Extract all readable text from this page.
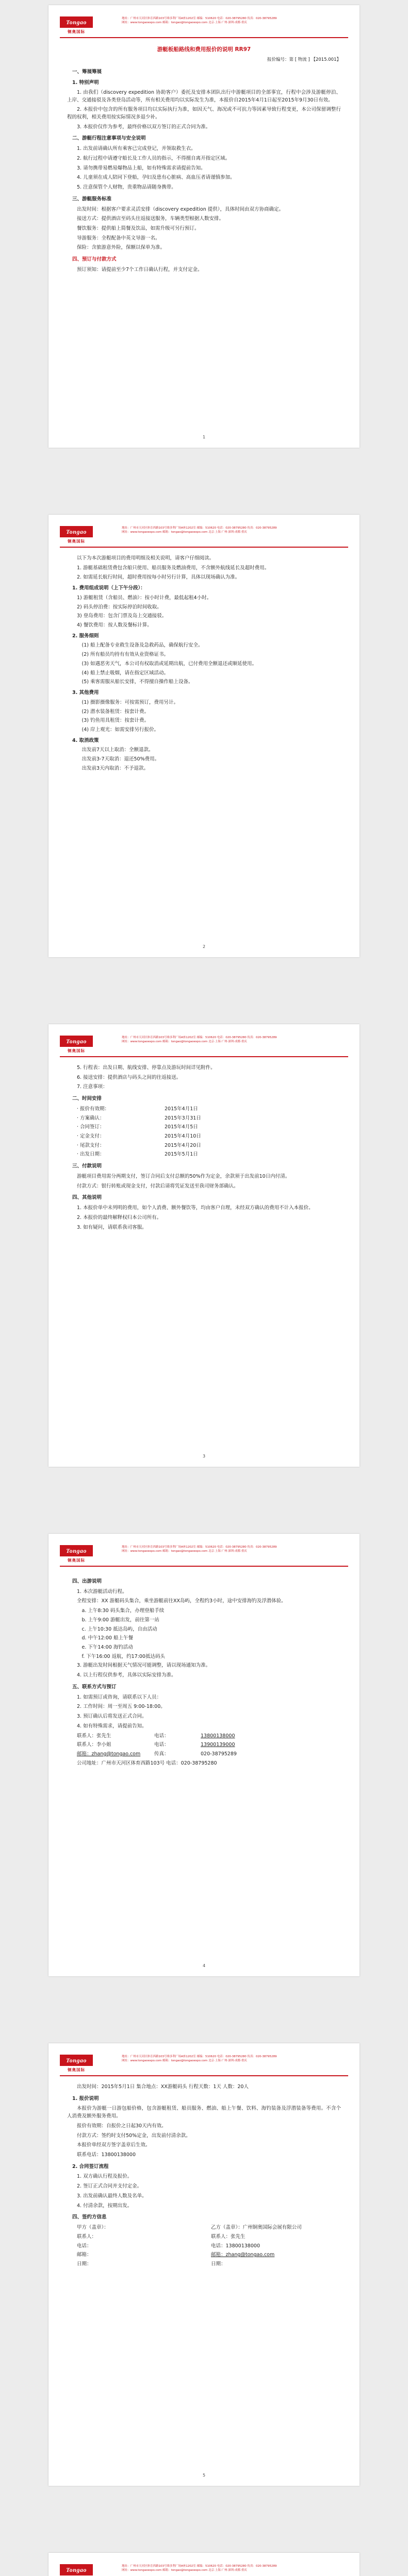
Tongao
铜奥国际
地址：广州市天河区体育西路103号维多利广场A座1202室 邮编：510620 电话：020-38795280 传真：020-38795289
网址：www.tongaoexpo.com 邮箱：tongao@tongaoexpo.com 北京·上海·广州·深圳·成都·重庆
游艇板船路线和费用报价的说明 RR97
报价编号：第 [ 物流 ] 【2015.001】
一、筹展筹展
1. 特别声明

1. 由我们（discovery expedition 协助客户）委托及安排本团队出行中游艇项目的全部事宜，行程中会涉及游艇停泊、上岸、交通接驳及各类登岛活动等，所有相关费用均以实际发生为准，本报价自2015年4月1日起至2015年9月30日有效。

2. 本报价中包含的所有服务项目均以实际执行为准，如因天气、海况或不可抗力等因素导致行程变更，本公司保留调整行程的权利，相关费用按实际情况多退少补。

3. 本报价仅作为参考，最终价格以双方签订的正式合同为准。

二、游艇行程注意事项与安全说明

1. 出发前请确认所有乘客已完成登记，并领取救生衣。

2. 航行过程中请遵守船长及工作人员的指示，不得擅自离开指定区域。

3. 请勿携带易燃易爆物品上船，如有特殊需求请提前告知。

4. 儿童须在成人陪同下登船，孕妇及患有心脏病、高血压者请谨慎参加。

5. 注意保管个人财物，贵重物品请随身携带。

三、游艇服务标准

出发时间：根据客户要求灵活安排（discovery expedition 提供），具体时间由双方协商确定。

接送方式：提供酒店至码头往返接送服务，车辆类型根据人数安排。

餐饮服务：提供船上简餐及饮品，如需升级可另行预订。

导游服务：全程配备中英文导游一名。

保险：含旅游意外险，保额以保单为准。

四、预订与付款方式

预订须知：请提前至少7个工作日确认行程，并支付定金。

1
Tongao
铜奥国际
地址：广州市天河区体育西路103号维多利广场A座1202室 邮编：510620 电话：020-38795280 传真：020-38795289
网址：www.tongaoexpo.com 邮箱：tongao@tongaoexpo.com 北京·上海·广州·深圳·成都·重庆

以下为本次游艇项目的费用明细及相关说明，请客户仔细阅读。

1. 游艇基础租赁费包含船只使用、船员服务及燃油费用，不含额外航线延长及超时费用。

2. 如需延长航行时间，超时费用按每小时另行计算，具体以现场确认为准。

1. 费用组成说明（上下午分段）：

1) 游艇租赁（含船员、燃油）：按小时计费，最低起租4小时。

2) 码头停泊费：按实际停泊时间收取。

3) 登岛费用：包含门票及岛上交通接驳。

4) 餐饮费用：按人数及餐标计算。

2. 服务细则

(1) 船上配备专业救生设备及急救药品，确保航行安全。

(2) 所有船员均持有有效从业资格证书。

(3) 如遇恶劣天气，本公司有权取消或延期出航，已付费用全额退还或顺延使用。

(4) 船上禁止吸烟，请在指定区域活动。

(5) 乘客需服从船长安排，不得擅自操作船上设备。

3. 其他费用

(1) 摄影摄像服务：可按需预订，费用另计。

(2) 潜水装备租赁：按套计费。

(3) 钓鱼用具租赁：按套计费。

(4) 岸上观光：如需安排另行报价。

4. 取消政策

出发前7天以上取消：全额退款。

出发前3-7天取消：退还50%费用。

出发前3天内取消：不予退款。

2
Tongao
铜奥国际
地址：广州市天河区体育西路103号维多利广场A座1202室 邮编：510620 电话：020-38795280 传真：020-38795289
网址：www.tongaoexpo.com 邮箱：tongao@tongaoexpo.com 北京·上海·广州·深圳·成都·重庆

5. 行程表：出发日期、航线安排、停靠点及游玩时间详见附件。

6. 接送安排：提供酒店与码头之间的往返接送。

7. 注意事项：

二、时间安排
· 报价有效期：	2015年4月1日
· 方案确认：	2015年3月31日
· 合同签订：	2015年4月5日
· 定金支付：	2015年4月10日
· 尾款支付：	2015年4月20日
· 出发日期：	2015年5月1日
三、付款说明

游艇项目费用需分两期支付，签订合同后支付总额的50%作为定金，余款须于出发前10日内付清。

付款方式：银行转账或现金支付，付款后请将凭证发送至我司财务部确认。

四、其他说明

1. 本报价单中未列明的费用，如个人消费、额外餐饮等，均由客户自理，未经双方确认的费用不计入本报价。

2. 本报价的最终解释权归本公司所有。

3. 如有疑问，请联系我司客服。

3
Tongao
铜奥国际
地址：广州市天河区体育西路103号维多利广场A座1202室 邮编：510620 电话：020-38795280 传真：020-38795289
网址：www.tongaoexpo.com 邮箱：tongao@tongaoexpo.com 北京·上海·广州·深圳·成都·重庆
四、出游说明

1. 本次游艇活动行程。

全程安排：XX 游艇码头集合，乘坐游艇前往XX岛屿，全程约3小时，途中安排海钓及浮潜体验。

a. 上午8:30 码头集合，办理登船手续

b. 上午9:00 游艇出发，前往第一站

c. 上午10:30 抵达岛屿，自由活动

d. 中午12:00 船上午餐

e. 下午14:00 海钓活动

f. 下午16:00 返航，约17:00抵达码头

3. 游艇出发时间根据天气情况可能调整，请以现场通知为准。

4. 以上行程仅供参考，具体以实际安排为准。

五、联系方式与预订

1. 如需预订或咨询，请联系以下人员：

2. 工作时间：周一至周五 9:00-18:00。

3. 预订确认后将发送正式合同。

4. 如有特殊需求，请提前告知。

联系人：张先生	电话：	13800138000
联系人：李小姐	电话：	13900139000
邮箱：zhang@tongao.com	传真：	020-38795289

公司地址：广州市天河区体育西路103号 电话：020-38795280

4
Tongao
铜奥国际
地址：广州市天河区体育西路103号维多利广场A座1202室 邮编：510620 电话：020-38795280 传真：020-38795289
网址：www.tongaoexpo.com 邮箱：tongao@tongaoexpo.com 北京·上海·广州·深圳·成都·重庆

出发时间：2015年5月1日 集合地点：XX游艇码头 行程天数：1天 人数：20人

1. 报价说明

本报价为游艇一日游包船价格，包含游艇租赁、船员服务、燃油、船上午餐、饮料、海钓装备及浮潜装备等费用。不含个人消费及额外服务费用。

报价有效期：自报价之日起30天内有效。

付款方式：签约时支付50%定金，出发前付清余款。

本报价单经双方签字盖章后生效。

联系电话：13800138000

2. 合同签订流程

1. 双方确认行程及报价。

2. 签订正式合同并支付定金。

3. 出发前确认最终人数及名单。

4. 付清余款，按期出发。

四、签约方信息
甲方（盖章）：	乙方（盖章）：广州铜奥国际会展有限公司
联系人：	联系人：张先生
电话：	电话：13800138000
邮箱：	邮箱：zhang@tongao.com
日期：	日期：
5
Tongao	地址：广州市天河区体育西路103号维多利广场A座1202室 邮编：510620 电话：020-38795280 传真：020-38795289
网址：www.tongaoexpo.com 邮箱：tongao@tongaoexpo.com 北京·上海·广州·深圳·成都·重庆
